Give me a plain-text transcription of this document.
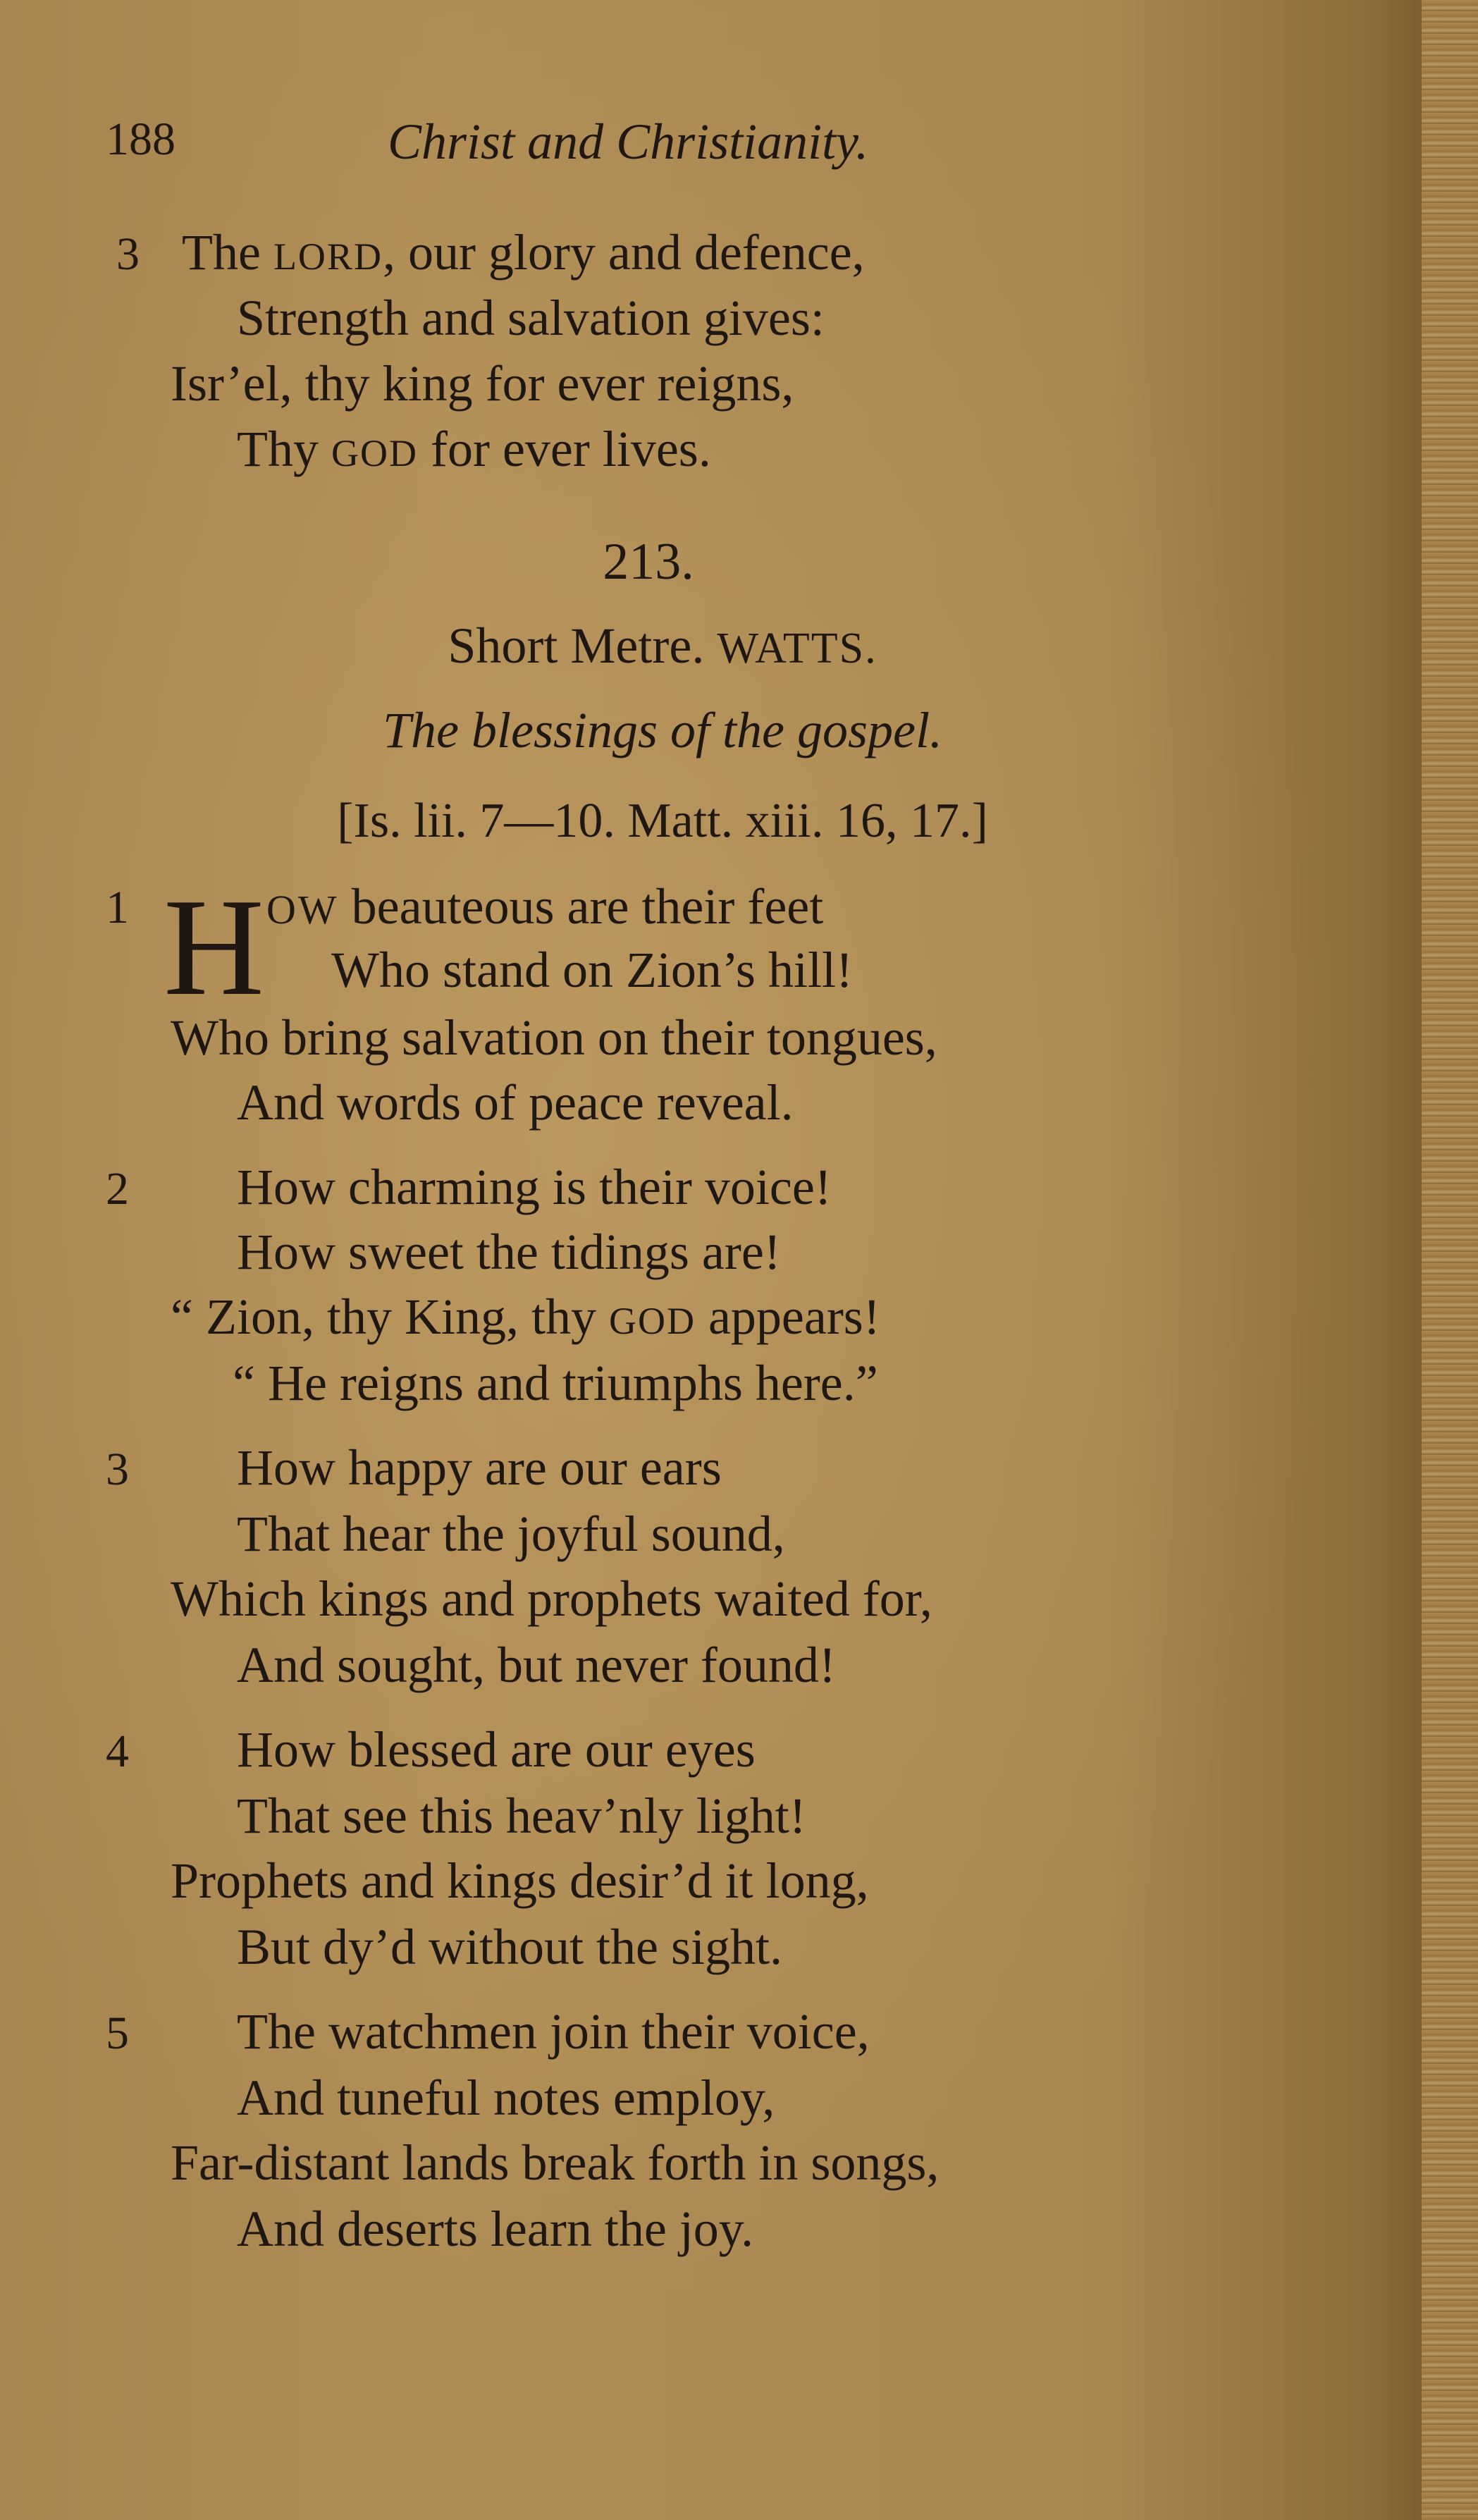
188	Christ and Christianity.
3 The LORD, our glory and defence,
Strength and salvation gives:
Isr’el, thy king for ever reigns,
Thy GOD for ever lives.
213.
Short Metre. WATTS.
The blessings of the gospel.
[Is. lii. 7—10. Matt. xiii. 16, 17.]
1 H OW beauteous are their feet
Who stand on Zion’s hill!
Who bring salvation on their tongues,
And words of peace reveal.
2 How charming is their voice!
How sweet the tidings are!
“ Zion, thy King, thy GOD appears!
“ He reigns and triumphs here.”
3 How happy are our ears
That hear the joyful sound,
Which kings and prophets waited for,
And sought, but never found!
4 How blessed are our eyes
That see this heav’nly light!
Prophets and kings desir’d it long,
But dy’d without the sight.
5 The watchmen join their voice,
And tuneful notes employ,
Far-distant lands break forth in songs,
And deserts learn the joy.
